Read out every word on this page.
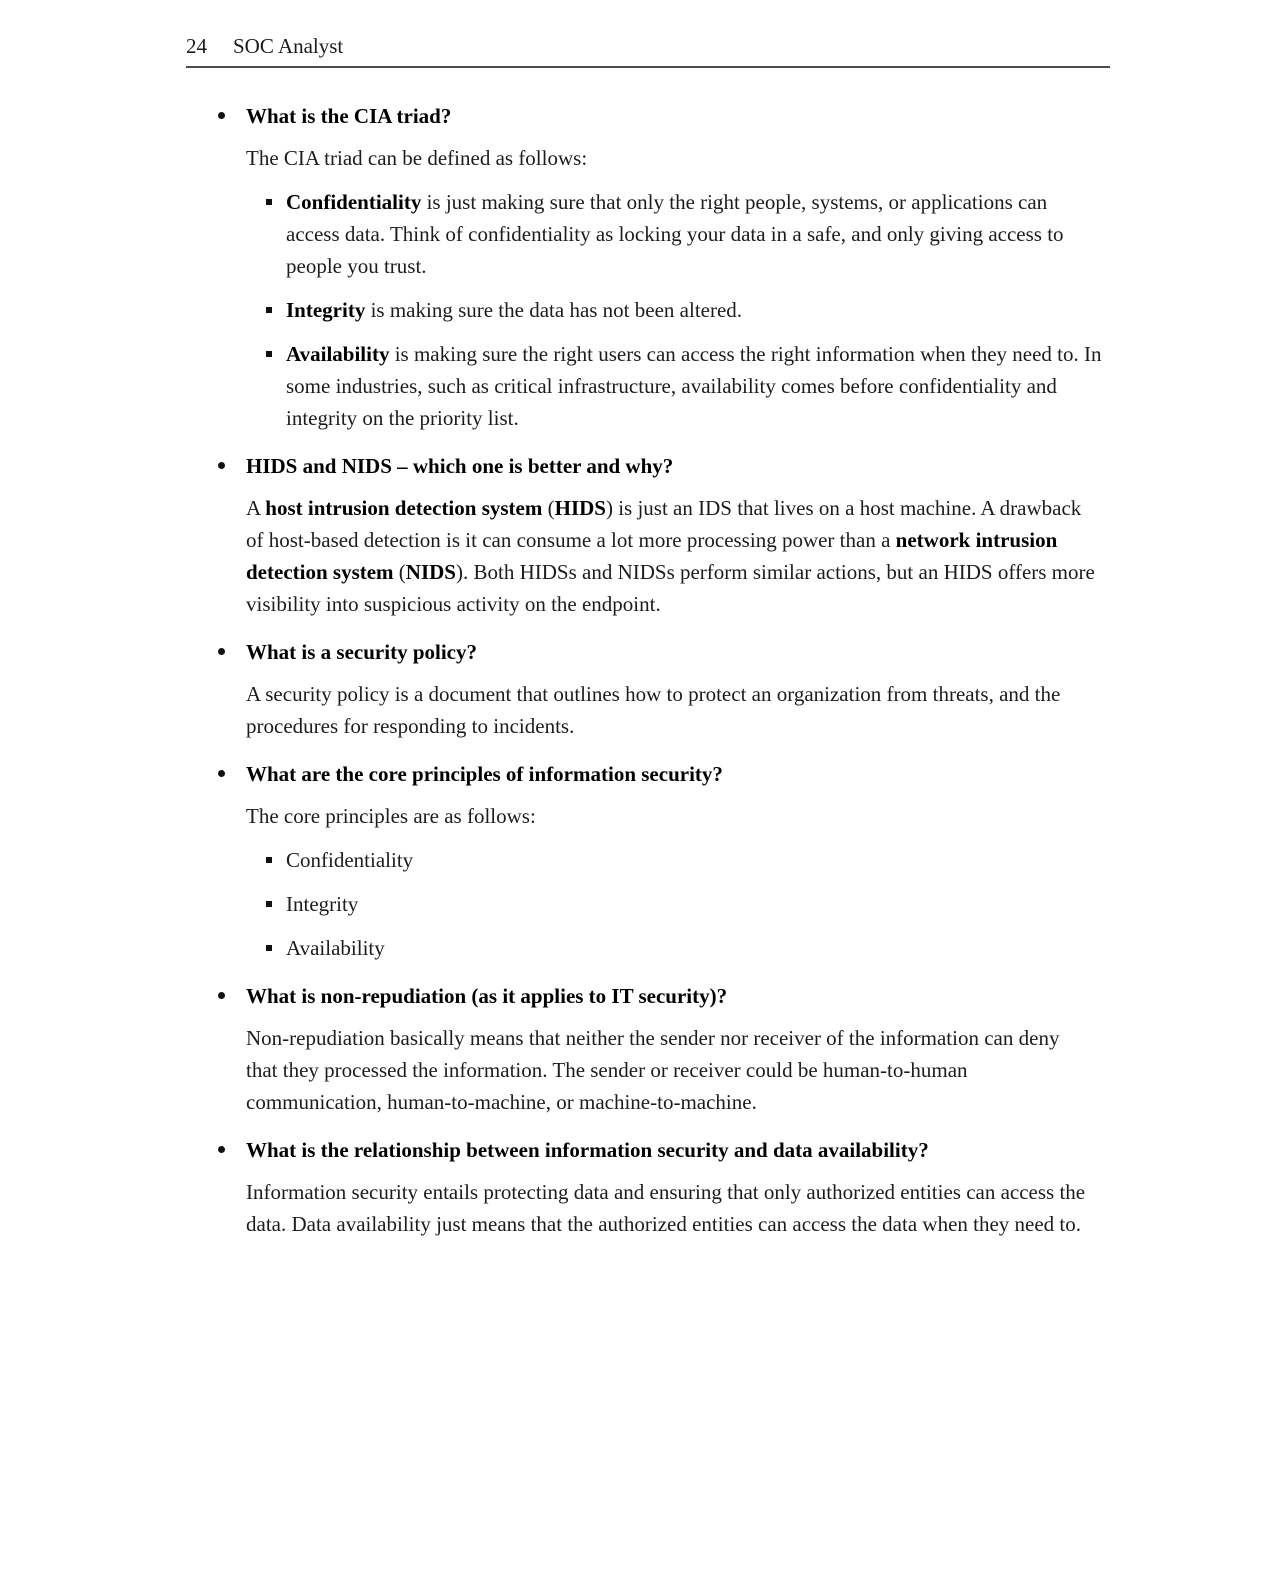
24 SOC Analyst
What is the CIA triad?

The CIA triad can be defined as follows:

Confidentiality is just making sure that only the right people, systems, or applications can access data. Think of confidentiality as locking your data in a safe, and only giving access to people you trust.
Integrity is making sure the data has not been altered.
Availability is making sure the right users can access the right information when they need to. In some industries, such as critical infrastructure, availability comes before confidentiality and integrity on the priority list.
HIDS and NIDS – which one is better and why?

A host intrusion detection system (HIDS) is just an IDS that lives on a host machine. A drawback of host-based detection is it can consume a lot more processing power than a network intrusion detection system (NIDS). Both HIDSs and NIDSs perform similar actions, but an HIDS offers more visibility into suspicious activity on the endpoint.

What is a security policy?

A security policy is a document that outlines how to protect an organization from threats, and the procedures for responding to incidents.

What are the core principles of information security?

The core principles are as follows:

Confidentiality
Integrity
Availability
What is non-repudiation (as it applies to IT security)?

Non-repudiation basically means that neither the sender nor receiver of the information can deny that they processed the information. The sender or receiver could be human-to-human communication, human-to-machine, or machine-to-machine.

What is the relationship between information security and data availability?

Information security entails protecting data and ensuring that only authorized entities can access the data. Data availability just means that the authorized entities can access the data when they need to.
